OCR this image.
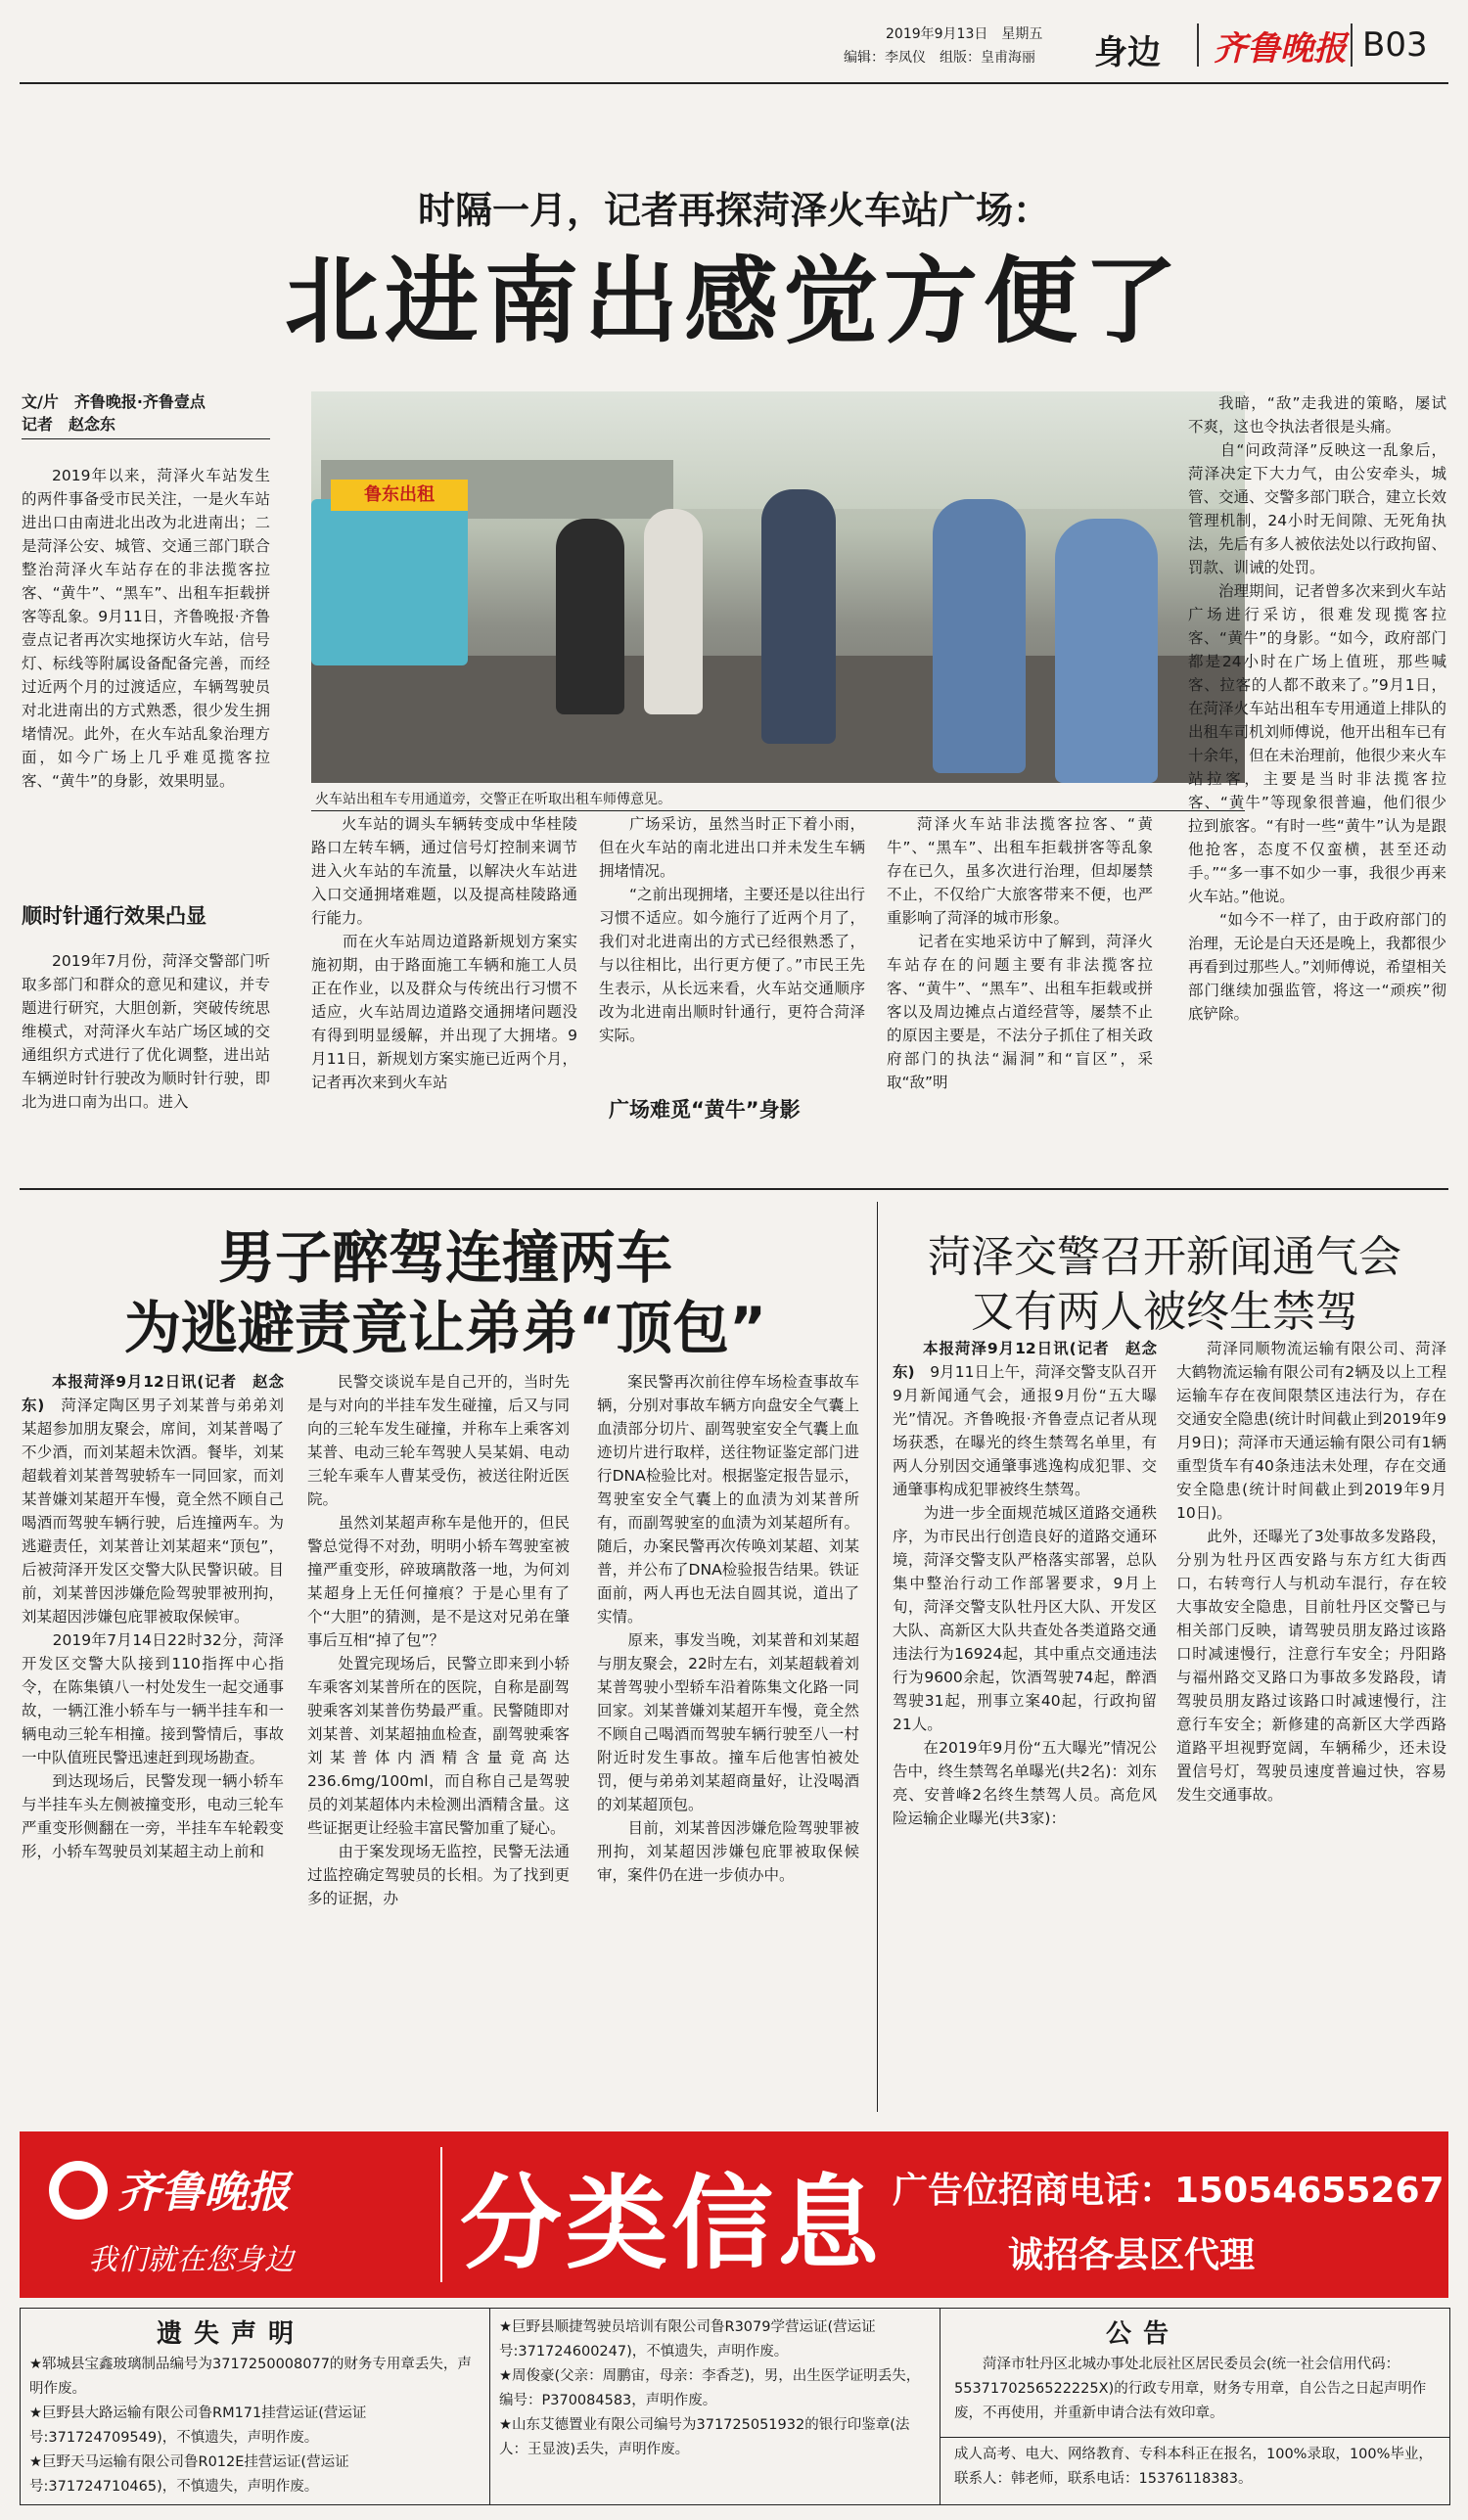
2019年9月13日　 星期五
编辑：李凤仪　 组版：皇甫海丽 身边 齐鲁晚报 B03
时隔一月，记者再探菏泽火车站广场：
北进南出感觉方便了
文/片　齐鲁晚报·齐鲁壹点
记者　赵念东

2019年以来，菏泽火车站发生的两件事备受市民关注，一是火车站进出口由南进北出改为北进南出；二是菏泽公安、城管、交通三部门联合整治菏泽火车站存在的非法揽客拉客、“黄牛”、“黑车”、出租车拒载拼客等乱象。9月11日，齐鲁晚报·齐鲁壹点记者再次实地探访火车站，信号灯、标线等附属设备配备完善，而经过近两个月的过渡适应，车辆驾驶员对北进南出的方式熟悉，很少发生拥堵情况。此外，在火车站乱象治理方面，如今广场上几乎难觅揽客拉客、“黄牛”的身影，效果明显。

顺时针通行效果凸显

2019年7月份，菏泽交警部门听取多部门和群众的意见和建议，并专题进行研究，大胆创新，突破传统思维模式，对菏泽火车站广场区域的交通组织方式进行了优化调整，进出站车辆逆时针行驶改为顺时针行驶，即北为进口南为出口。进入

鲁东出租
火车站出租车专用通道旁，交警正在听取出租车师傅意见。

火车站的调头车辆转变成中华桂陵路口左转车辆，通过信号灯控制来调节进入火车站的车流量，以解决火车站进入口交通拥堵难题，以及提高桂陵路通行能力。
　　而在火车站周边道路新规划方案实施初期，由于路面施工车辆和施工人员正在作业，以及群众与传统出行习惯不适应，火车站周边道路交通拥堵问题没有得到明显缓解，并出现了大拥堵。9月11日，新规划方案实施已近两个月，记者再次来到火车站

广场采访，虽然当时正下着小雨，但在火车站的南北进出口并未发生车辆拥堵情况。
　　“之前出现拥堵，主要还是以往出行习惯不适应。如今施行了近两个月了，我们对北进南出的方式已经很熟悉了，与以往相比，出行更方便了。”市民王先生表示，从长远来看，火车站交通顺序改为北进南出顺时针通行，更符合菏泽实际。

广场难觅“黄牛”身影

菏泽火车站非法揽客拉客、“黄牛”、“黑车”、出租车拒载拼客等乱象存在已久，虽多次进行治理，但却屡禁不止，不仅给广大旅客带来不便，也严重影响了菏泽的城市形象。
　　记者在实地采访中了解到，菏泽火车站存在的问题主要有非法揽客拉客、“黄牛”、“黑车”、出租车拒载或拼客以及周边摊点占道经营等，屡禁不止的原因主要是，不法分子抓住了相关政府部门的执法“漏洞”和“盲区”，采取“敌”明

我暗，“敌”走我进的策略，屡试不爽，这也令执法者很是头痛。
　　自“问政菏泽”反映这一乱象后，菏泽决定下大力气，由公安牵头，城管、交通、交警多部门联合，建立长效管理机制，24小时无间隙、无死角执法，先后有多人被依法处以行政拘留、罚款、训诫的处罚。
　　治理期间，记者曾多次来到火车站广场进行采访，很难发现揽客拉客、“黄牛”的身影。“如今，政府部门都是24小时在广场上值班，那些喊客、拉客的人都不敢来了。”9月1日，在菏泽火车站出租车专用通道上排队的出租车司机刘师傅说，他开出租车已有十余年，但在未治理前，他很少来火车站拉客，主要是当时非法揽客拉客、“黄牛”等现象很普遍，他们很少拉到旅客。“有时一些“黄牛”认为是跟他抢客，态度不仅蛮横，甚至还动手。”“多一事不如少一事，我很少再来火车站。”他说。
　　“如今不一样了，由于政府部门的治理，无论是白天还是晚上，我都很少再看到过那些人。”刘师傅说，希望相关部门继续加强监管，将这一“顽疾”彻底铲除。

男子醉驾连撞两车
为逃避责竟让弟弟“顶包”

本报菏泽9月12日讯(记者　赵念东)　 菏泽定陶区男子刘某普与弟弟刘某超参加朋友聚会，席间，刘某普喝了不少酒，而刘某超未饮酒。餐毕，刘某超载着刘某普驾驶轿车一同回家，而刘某普嫌刘某超开车慢，竟全然不顾自己喝酒而驾驶车辆行驶，后连撞两车。为逃避责任，刘某普让刘某超来“顶包”，后被菏泽开发区交警大队民警识破。目前，刘某普因涉嫌危险驾驶罪被刑拘，刘某超因涉嫌包庇罪被取保候审。
　　2019年7月14日22时32分，菏泽开发区交警大队接到110指挥中心指令，在陈集镇八一村处发生一起交通事故，一辆江淮小轿车与一辆半挂车和一辆电动三轮车相撞。接到警情后，事故一中队值班民警迅速赶到现场勘查。
　　到达现场后，民警发现一辆小轿车与半挂车头左侧被撞变形，电动三轮车严重变形侧翻在一旁，半挂车车轮毂变形，小轿车驾驶员刘某超主动上前和

民警交谈说车是自己开的，当时先是与对向的半挂车发生碰撞，后又与同向的三轮车发生碰撞，并称车上乘客刘某普、电动三轮车驾驶人吴某娟、电动三轮车乘车人曹某受伤，被送往附近医院。
　　虽然刘某超声称车是他开的，但民警总觉得不对劲，明明小轿车驾驶室被撞严重变形，碎玻璃散落一地，为何刘某超身上无任何撞痕？于是心里有了个“大胆”的猜测，是不是这对兄弟在肇事后互相“掉了包”？
　　处置完现场后，民警立即来到小轿车乘客刘某普所在的医院，自称是副驾驶乘客刘某普伤势最严重。民警随即对刘某普、刘某超抽血检查，副驾驶乘客刘某普体内酒精含量竟高达236.6mg/100ml，而自称自己是驾驶员的刘某超体内未检测出酒精含量。这些证据更让经验丰富民警加重了疑心。
　　由于案发现场无监控，民警无法通过监控确定驾驶员的长相。为了找到更多的证据，办

案民警再次前往停车场检查事故车辆，分别对事故车辆方向盘安全气囊上血渍部分切片、副驾驶室安全气囊上血迹切片进行取样，送往物证鉴定部门进行DNA检验比对。根据鉴定报告显示，驾驶室安全气囊上的血渍为刘某普所有，而副驾驶室的血渍为刘某超所有。随后，办案民警再次传唤刘某超、刘某普，并公布了DNA检验报告结果。铁证面前，两人再也无法自圆其说，道出了实情。
　　原来，事发当晚，刘某普和刘某超与朋友聚会，22时左右，刘某超载着刘某普驾驶小型轿车沿着陈集文化路一同回家。刘某普嫌刘某超开车慢，竟全然不顾自己喝酒而驾驶车辆行驶至八一村附近时发生事故。撞车后他害怕被处罚，便与弟弟刘某超商量好，让没喝酒的刘某超顶包。
　　目前，刘某普因涉嫌危险驾驶罪被刑拘，刘某超因涉嫌包庇罪被取保候审，案件仍在进一步侦办中。

菏泽交警召开新闻通气会
又有两人被终生禁驾

本报菏泽9月12日讯(记者　赵念东)　 9月11日上午，菏泽交警支队召开9月新闻通气会，通报9月份“五大曝光”情况。齐鲁晚报·齐鲁壹点记者从现场获悉，在曝光的终生禁驾名单里，有两人分别因交通肇事逃逸构成犯罪、交通肇事构成犯罪被终生禁驾。
　　为进一步全面规范城区道路交通秩序，为市民出行创造良好的道路交通环境，菏泽交警支队严格落实部署，总队集中整治行动工作部署要求，9月上旬，菏泽交警支队牡丹区大队、开发区大队、高新区大队共查处各类道路交通违法行为16924起，其中重点交通违法行为9600余起，饮酒驾驶74起，醉酒驾驶31起，刑事立案40起，行政拘留21人。
　　在2019年9月份“五大曝光”情况公告中，终生禁驾名单曝光(共2名)：刘东亮、安普峰2名终生禁驾人员。高危风险运输企业曝光(共3家)：

菏泽同顺物流运输有限公司、菏泽大鹤物流运输有限公司有2辆及以上工程运输车存在夜间限禁区违法行为，存在交通安全隐患(统计时间截止到2019年9月9日)；菏泽市天通运输有限公司有1辆重型货车有40条违法未处理，存在交通安全隐患(统计时间截止到2019年9月10日)。
　　此外，还曝光了3处事故多发路段，分别为牡丹区西安路与东方红大街西口，右转弯行人与机动车混行，存在较大事故安全隐患，目前牡丹区交警已与相关部门反映，请驾驶员朋友路过该路口时减速慢行，注意行车安全；丹阳路与福州路交叉路口为事故多发路段，请驾驶员朋友路过该路口时减速慢行，注意行车安全；新修建的高新区大学西路道路平坦视野宽阔，车辆稀少，还未设置信号灯，驾驶员速度普遍过快，容易发生交通事故。

齐鲁晚报
我们就在您身边 分类信息 广告位招商电话：15054655267
诚招各县区代理
遗失声明
★郓城县宝鑫玻璃制品编号为371725000807​7的财务专用章丢失，声明作废。
★巨野县大路运输有限公司鲁RM171挂营运证(营运证号:371724709549)，不慎遗失，声明作废。
★巨野天马运输有限公司鲁R012E挂营运证(营运证号:371724710465)，不慎遗失，声明作废。
★巨野县顺捷驾驶员培训有限公司鲁R3079学营运证(营运证号:371724600247)，不慎遗失，声明作废。
★周俊豪(父亲：周鹏宙，母亲：李香芝)，男，出生医学证明丢失，编号：P370084583，声明作废。
★山东艾德置业有限公司编号为371725051932的银行印鉴章(法人：王显波)丢失，声明作废。
公告
菏泽市牡丹区北城办事处北辰社区居民委员会(统一社会信用代码：55371702565222​25X)的行政专用章，财务专用章，自公告之日起声明作废，不再使用，并重新申请合法有效印章。
成人高考、电大、网络教育、专科本科正在报名，100%录取，100%毕业，联系人：韩老师，联系电话：15376118383。
